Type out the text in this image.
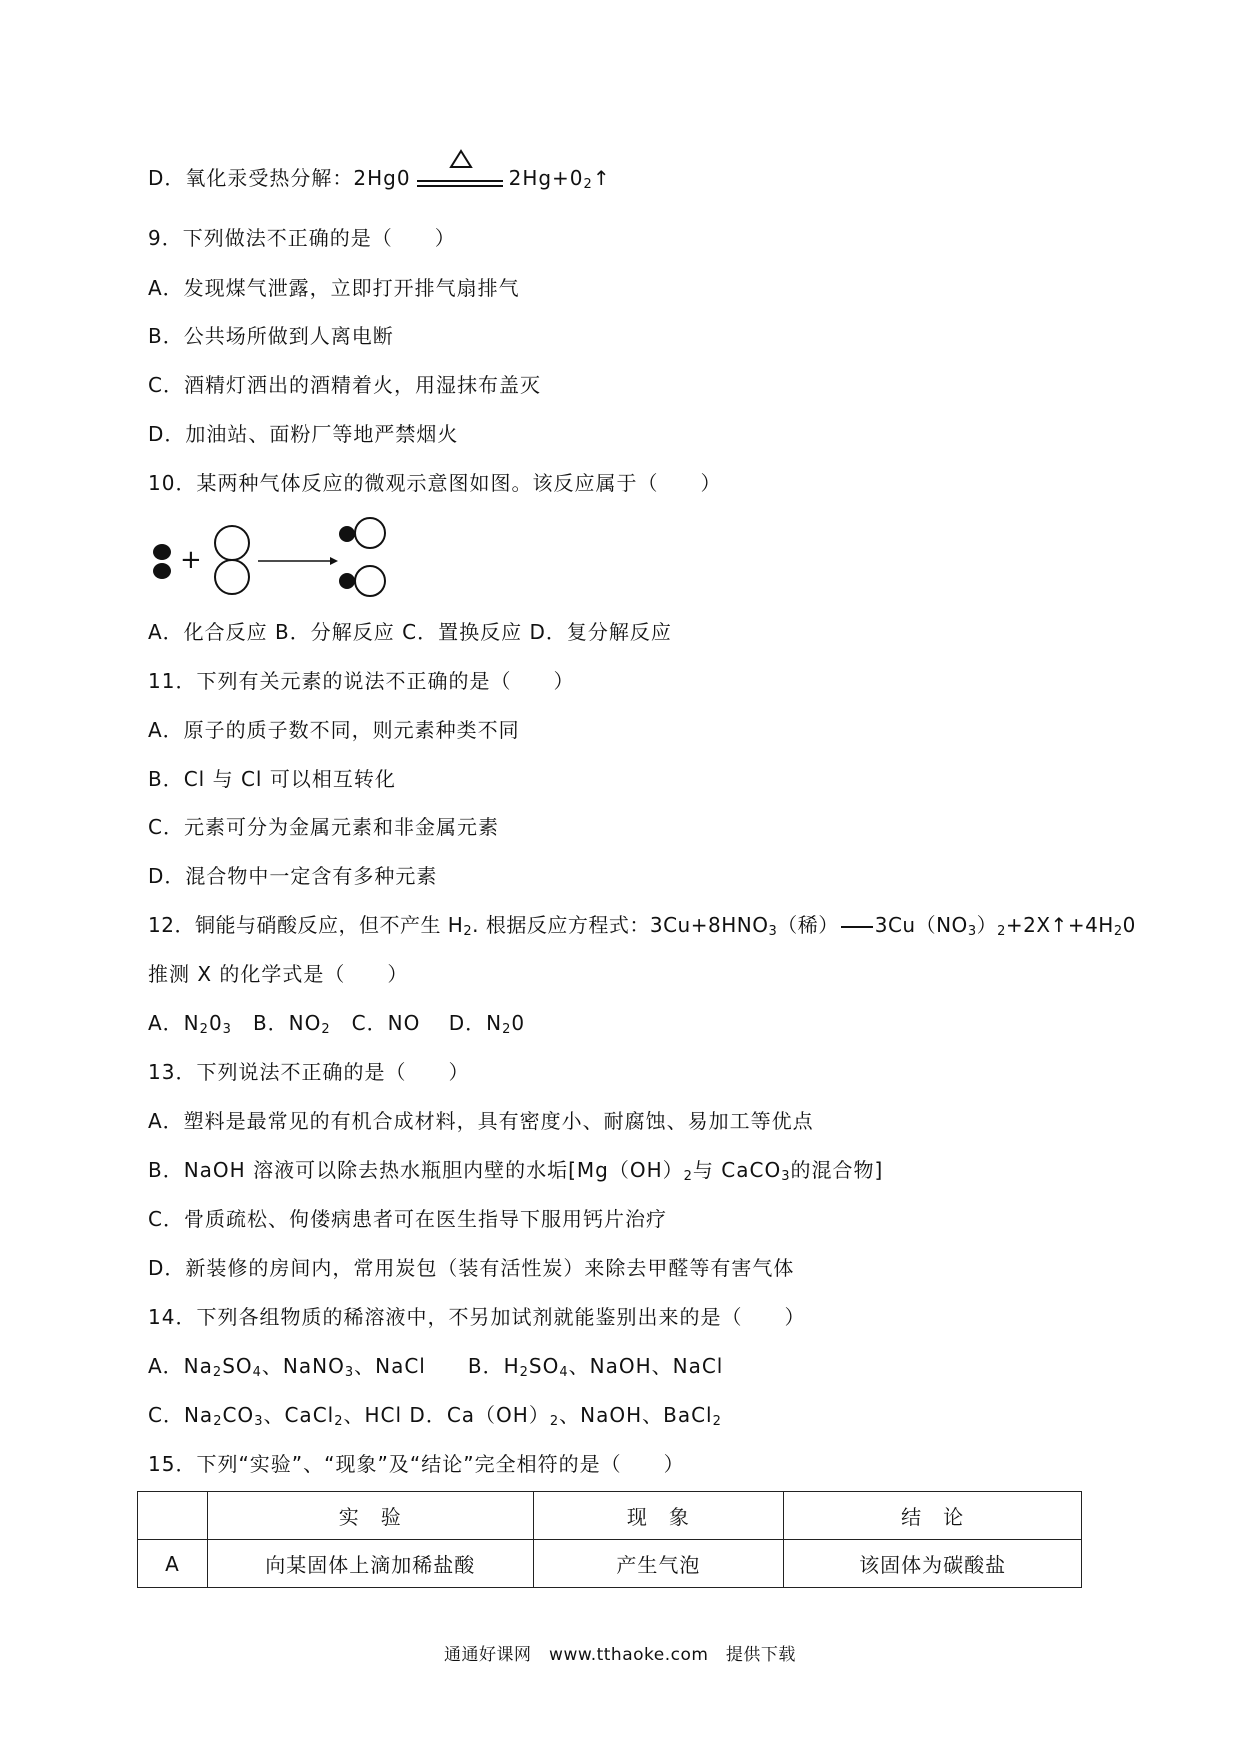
D．氧化汞受热分解：2Hg0	$2Hg+0_2↑$
9．下列做法不正确的是（　　）
A．发现煤气泄露，立即打开排气扇排气
B．公共场所做到人离电断
C．酒精灯洒出的酒精着火，用湿抹布盖灭
D．加油站、面粉厂等地严禁烟火
10．某两种气体反应的微观示意图如图。该反应属于（　　）
+
A．化合反应 B．分解反应 C．置换反应 D．复分解反应
11．下列有关元素的说法不正确的是（　　）
A．原子的质子数不同，则元素种类不同
B．Cl 与 Cl 可以相互转化
C．元素可分为金属元素和非金属元素
D．混合物中一定含有多种元素
12．铜能与硝酸反应，但不产生 $H_2$. 根据反应方程式：$3Cu+8HNO_3$（稀） $3Cu(NO_3)_2+2X↑+4H_20$
推测 X 的化学式是（　　）
A．$N_20_3$　B．$NO_2$　C．NO　 D．$N_20$
13．下列说法不正确的是（　　）
A．塑料是最常见的有机合成材料，具有密度小、耐腐蚀、易加工等优点
B．NaOH 溶液可以除去热水瓶胆内壁的水垢[$Mg(OH)_2$与 CaCO$_3$的混合物]
C．骨质疏松、佝偻病患者可在医生指导下服用钙片治疗
D．新装修的房间内，常用炭包（装有活性炭）来除去甲醛等有害气体
14．下列各组物质的稀溶液中，不另加试剂就能鉴别出来的是（　　）
A．$Na_2SO_4$、NaNO$_3$、NaCl　　B．$H_2SO_4$、NaOH、NaCl
C．$Na_2CO_3$、CaCl$_2$、HCl D．$Ca(OH)_2$、NaOH、BaCl$_2$
15．下列“实验”、“现象”及“结论”完全相符的是（　　）
	实　验	现　象	结　论
A	向某固体上滴加稀盐酸	产生气泡	该固体为碳酸盐
通通好课网　www.tthaoke.com　提供下载
